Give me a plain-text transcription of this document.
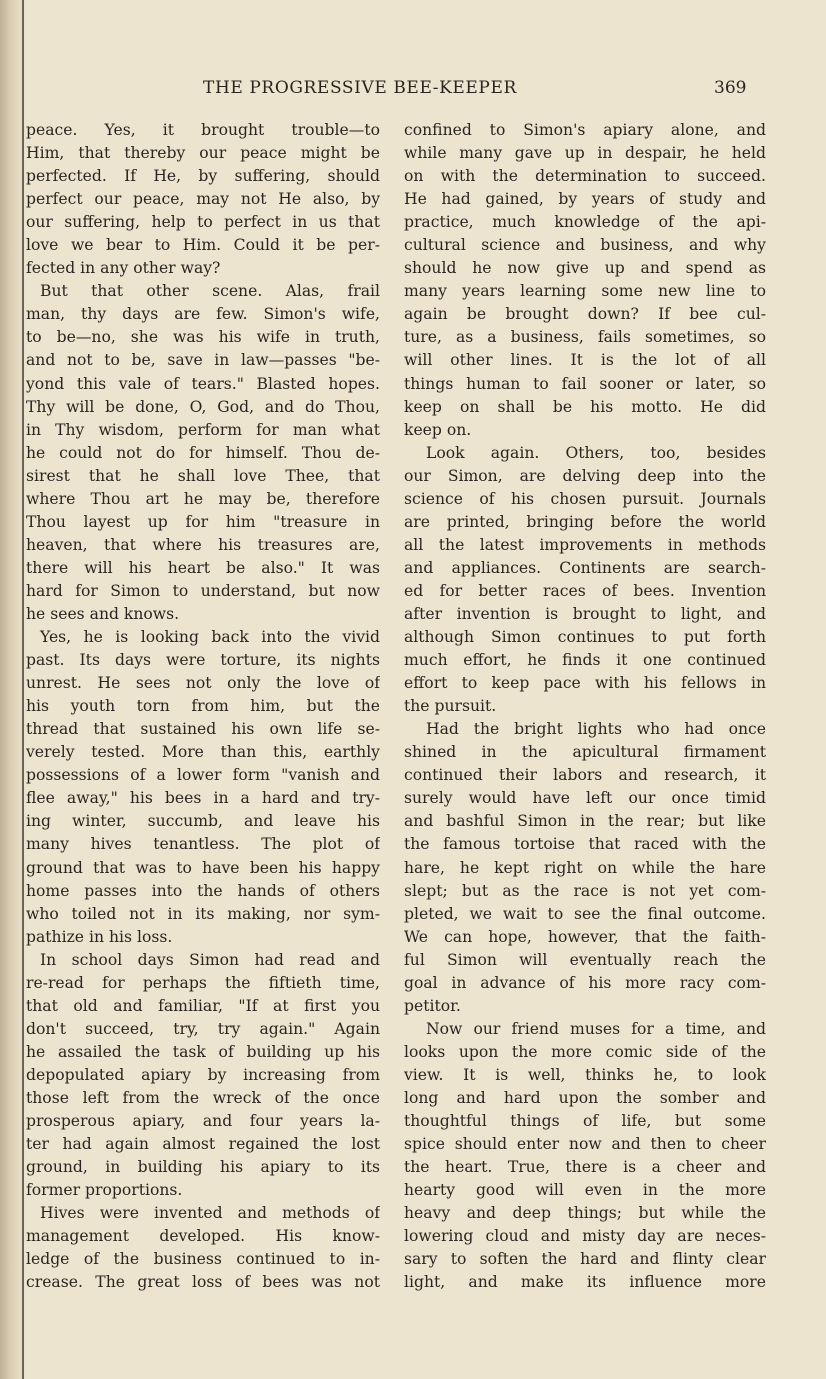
THE PROGRESSIVE BEE-KEEPER	369
peace. Yes, it brought trouble—to
Him, that thereby our peace might be
perfected. If He, by suffering, should
perfect our peace, may not He also, by
our suffering, help to perfect in us that
love we bear to Him. Could it be per-
fected in any other way?
But that other scene. Alas, frail
man, thy days are few. Simon's wife,
to be—no, she was his wife in truth,
and not to be, save in law—passes "be-
yond this vale of tears." Blasted hopes.
Thy will be done, O, God, and do Thou,
in Thy wisdom, perform for man what
he could not do for himself. Thou de-
sirest that he shall love Thee, that
where Thou art he may be, therefore
Thou layest up for him "treasure in
heaven, that where his treasures are,
there will his heart be also." It was
hard for Simon to understand, but now
he sees and knows.
Yes, he is looking back into the vivid
past. Its days were torture, its nights
unrest. He sees not only the love of
his youth torn from him, but the
thread that sustained his own life se-
verely tested. More than this, earthly
possessions of a lower form "vanish and
flee away," his bees in a hard and try-
ing winter, succumb, and leave his
many hives tenantless. The plot of
ground that was to have been his happy
home passes into the hands of others
who toiled not in its making, nor sym-
pathize in his loss.
In school days Simon had read and
re-read for perhaps the fiftieth time,
that old and familiar, "If at first you
don't succeed, try, try again." Again
he assailed the task of building up his
depopulated apiary by increasing from
those left from the wreck of the once
prosperous apiary, and four years la-
ter had again almost regained the lost
ground, in building his apiary to its
former proportions.
Hives were invented and methods of
management developed. His know-
ledge of the business continued to in-
crease. The great loss of bees was not
confined to Simon's apiary alone, and
while many gave up in despair, he held
on with the determination to succeed.
He had gained, by years of study and
practice, much knowledge of the api-
cultural science and business, and why
should he now give up and spend as
many years learning some new line to
again be brought down? If bee cul-
ture, as a business, fails sometimes, so
will other lines. It is the lot of all
things human to fail sooner or later, so
keep on shall be his motto. He did
keep on.
Look again. Others, too, besides
our Simon, are delving deep into the
science of his chosen pursuit. Journals
are printed, bringing before the world
all the latest improvements in methods
and appliances. Continents are search-
ed for better races of bees. Invention
after invention is brought to light, and
although Simon continues to put forth
much effort, he finds it one continued
effort to keep pace with his fellows in
the pursuit.
Had the bright lights who had once
shined in the apicultural firmament
continued their labors and research, it
surely would have left our once timid
and bashful Simon in the rear; but like
the famous tortoise that raced with the
hare, he kept right on while the hare
slept; but as the race is not yet com-
pleted, we wait to see the final outcome.
We can hope, however, that the faith-
ful Simon will eventually reach the
goal in advance of his more racy com-
petitor.
Now our friend muses for a time, and
looks upon the more comic side of the
view. It is well, thinks he, to look
long and hard upon the somber and
thoughtful things of life, but some
spice should enter now and then to cheer
the heart. True, there is a cheer and
hearty good will even in the more
heavy and deep things; but while the
lowering cloud and misty day are neces-
sary to soften the hard and flinty clear
light, and make its influence more
